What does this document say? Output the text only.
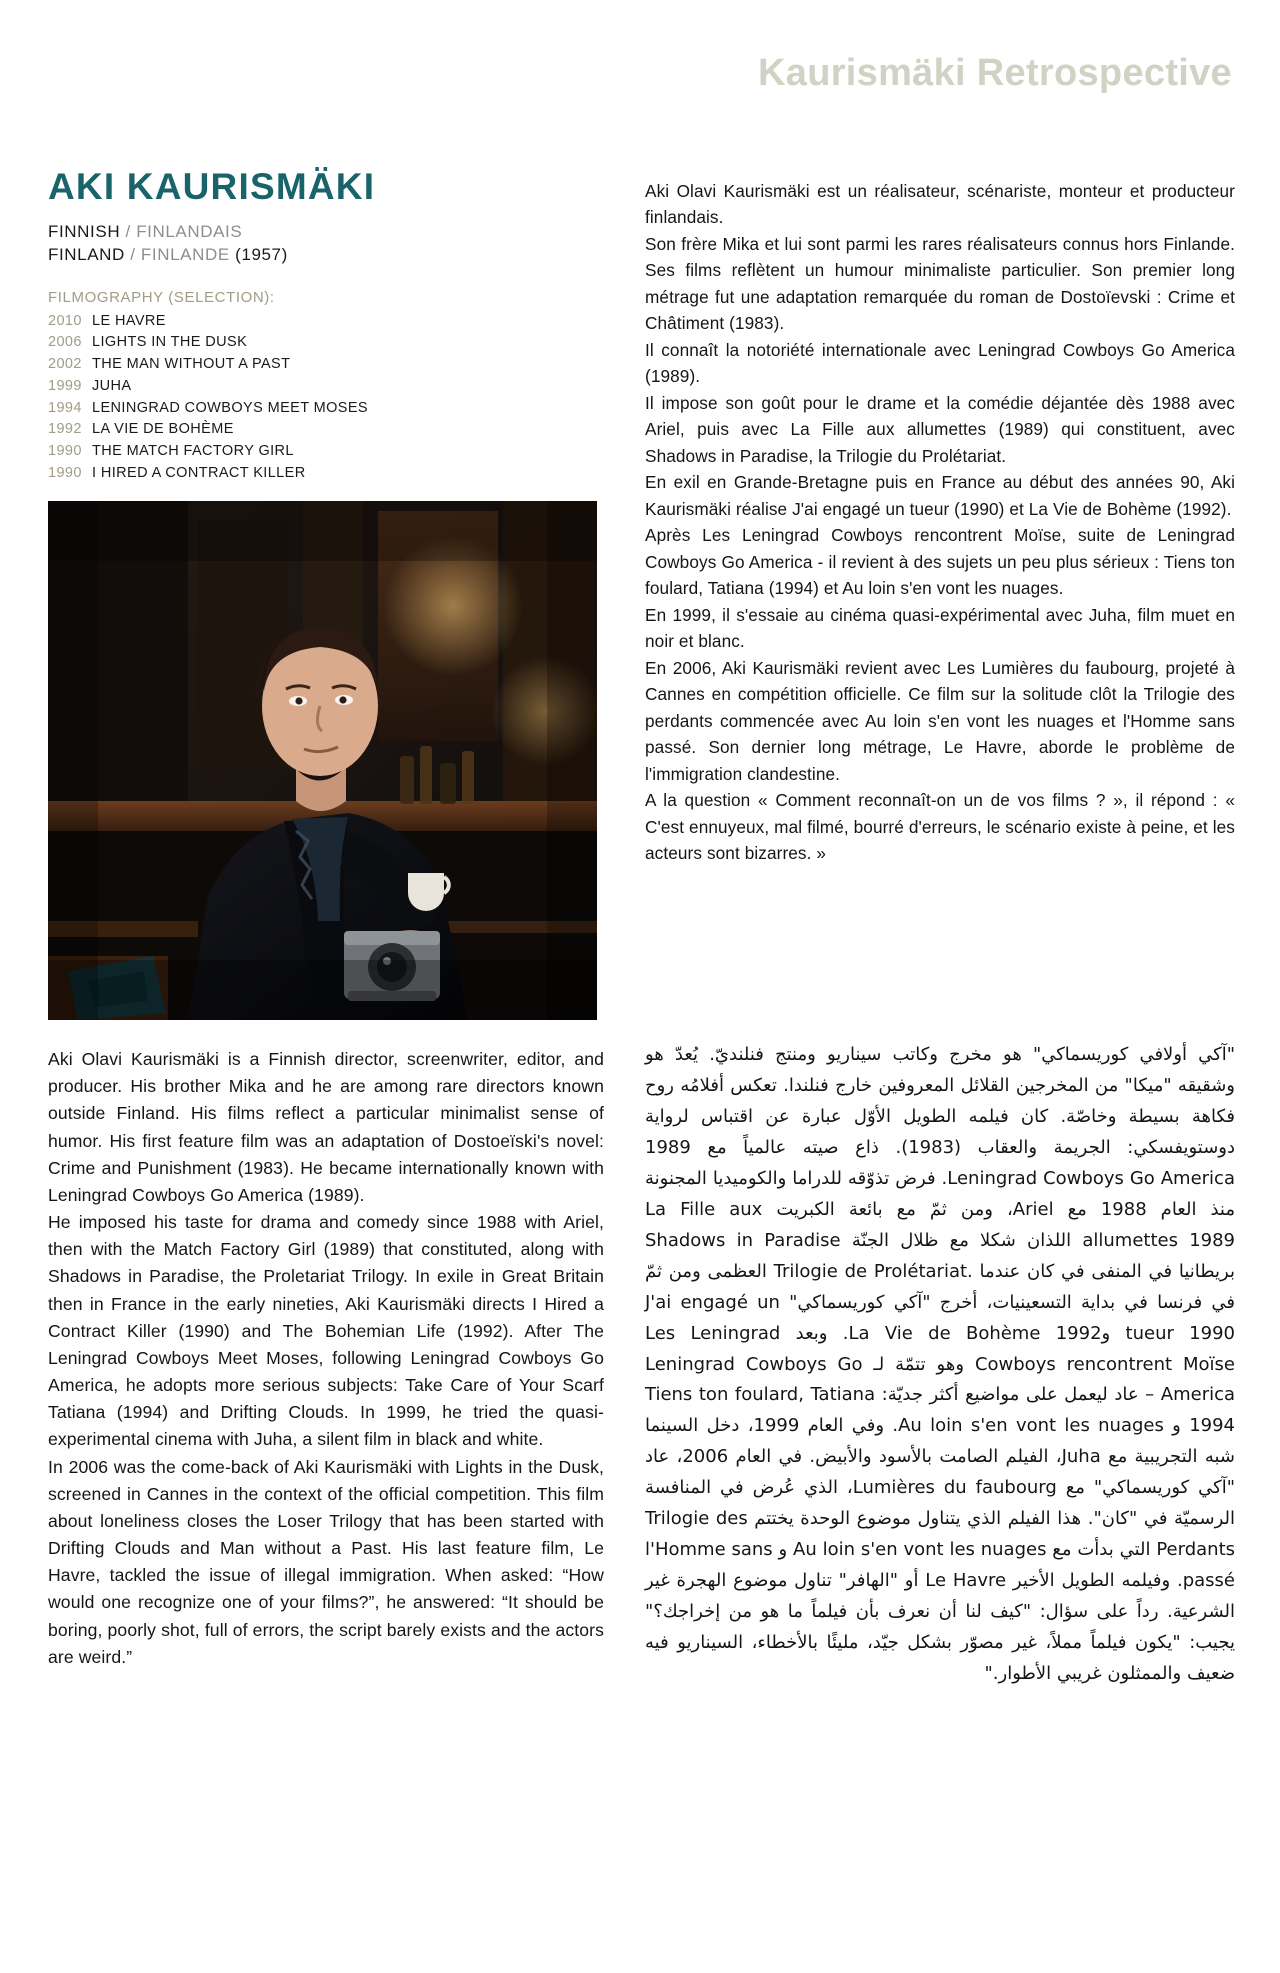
Kaurismäki Retrospective
AKI KAURISMÄKI
FINNISH / FINLANDAIS
FINLAND / FINLANDE (1957)
FILMOGRAPHY (SELECTION):
2010 LE HAVRE
2006 LIGHTS IN THE DUSK
2002 THE MAN WITHOUT A PAST
1999 JUHA
1994 LENINGRAD COWBOYS MEET MOSES
1992 LA VIE DE BOHÈME
1990 THE MATCH FACTORY GIRL
1990 I HIRED A CONTRACT KILLER

Aki Olavi Kaurismäki is a Finnish director, screenwriter, editor, and producer. His brother Mika and he are among rare directors known outside Finland. His films reflect a particular minimalist sense of humor. His first feature film was an adaptation of Dostoeïski's novel: Crime and Punishment (1983). He became internationally known with Leningrad Cowboys Go America (1989).

He imposed his taste for drama and comedy since 1988 with Ariel, then with the Match Factory Girl (1989) that constituted, along with Shadows in Paradise, the Proletariat Trilogy. In exile in Great Britain then in France in the early nineties, Aki Kaurismäki directs I Hired a Contract Killer (1990) and The Bohemian Life (1992). After The Leningrad Cowboys Meet Moses, following Leningrad Cowboys Go America, he adopts more serious subjects: Take Care of Your Scarf Tatiana (1994) and Drifting Clouds. In 1999, he tried the quasi-experimental cinema with Juha, a silent film in black and white.

In 2006 was the come-back of Aki Kaurismäki with Lights in the Dusk, screened in Cannes in the context of the official competition. This film about loneliness closes the Loser Trilogy that has been started with Drifting Clouds and Man without a Past. His last feature film, Le Havre, tackled the issue of illegal immigration. When asked: “How would one recognize one of your films?”, he answered: “It should be boring, poorly shot, full of errors, the script barely exists and the actors are weird.”

Aki Olavi Kaurismäki est un réalisateur, scénariste, monteur et producteur finlandais.

Son frère Mika et lui sont parmi les rares réalisateurs connus hors Finlande. Ses films reflètent un humour minimaliste particulier. Son premier long métrage fut une adaptation remarquée du roman de Dostoïevski : Crime et Châtiment (1983).

Il connaît la notoriété internationale avec Leningrad Cowboys Go America (1989).

Il impose son goût pour le drame et la comédie déjantée dès 1988 avec Ariel, puis avec La Fille aux allumettes (1989) qui constituent, avec Shadows in Paradise, la Trilogie du Prolétariat.

En exil en Grande-Bretagne puis en France au début des années 90, Aki Kaurismäki réalise J'ai engagé un tueur (1990) et La Vie de Bohème (1992).

Après Les Leningrad Cowboys rencontrent Moïse, suite de Leningrad Cowboys Go America - il revient à des sujets un peu plus sérieux : Tiens ton foulard, Tatiana (1994) et Au loin s'en vont les nuages.

En 1999, il s'essaie au cinéma quasi-expérimental avec Juha, film muet en noir et blanc.

En 2006, Aki Kaurismäki revient avec Les Lumières du faubourg, projeté à Cannes en compétition officielle. Ce film sur la solitude clôt la Trilogie des perdants commencée avec Au loin s'en vont les nuages et l'Homme sans passé. Son dernier long métrage, Le Havre, aborde le problème de l'immigration clandestine.

A la question « Comment reconnaît-on un de vos films ? », il répond : « C'est ennuyeux, mal filmé, bourré d'erreurs, le scénario existe à peine, et les acteurs sont bizarres. »

"آكي أولافي كوريسماكي" هو مخرج وكاتب سيناريو ومنتج فنلنديّ. يُعدّ هو وشقيقه "ميكا" من المخرجين القلائل المعروفين خارج فنلندا. تعكس أفلامُه روح فكاهة بسيطة وخاصّة. كان فيلمه الطويل الأوّل عبارة عن اقتباس لرواية دوستويفسكي: الجريمة والعقاب (1983). ذاع صيته عالمياً مع 1989 Leningrad Cowboys Go America. فرض تذوّقه للدراما والكوميديا المجنونة منذ العام 1988 مع Ariel، ومن ثمّ مع بائعة الكبريت La Fille aux allumettes 1989 اللذان شكلا مع ظلال الجنّة Shadows in Paradise بريطانيا في المنفى في كان عندما .Trilogie de Prolétariat العظمى ومن ثمّ في فرنسا في بداية التسعينيات، أخرج "آكي كوريسماكي" J'ai engagé un tueur 1990 وLa Vie de Bohème 1992. وبعد Les Leningrad Cowboys rencontrent Moïse وهو تتمّة لـ Leningrad Cowboys Go America – عاد ليعمل على مواضيع أكثر جديّة: Tiens ton foulard, Tatiana 1994 و Au loin s'en vont les nuages. وفي العام 1999، دخل السينما شبه التجريبية مع Juha، الفيلم الصامت بالأسود والأبيض. في العام 2006، عاد "آكي كوريسماكي" مع Lumières du faubourg، الذي عُرض في المنافسة الرسميّة في "كان". هذا الفيلم الذي يتناول موضوع الوحدة يختتم Trilogie des Perdants التي بدأت مع Au loin s'en vont les nuages و l'Homme sans passé. وفيلمه الطويل الأخير Le Havre أو "الهافر" تناول موضوع الهجرة غير الشرعية. رداً على سؤال: "كيف لنا أن نعرف بأن فيلماً ما هو من إخراجك؟" يجيب: "يكون فيلماً مملاً، غير مصوّر بشكل جيّد، مليئًا بالأخطاء، السيناريو فيه ضعيف والممثلون غريبي الأطوار."
